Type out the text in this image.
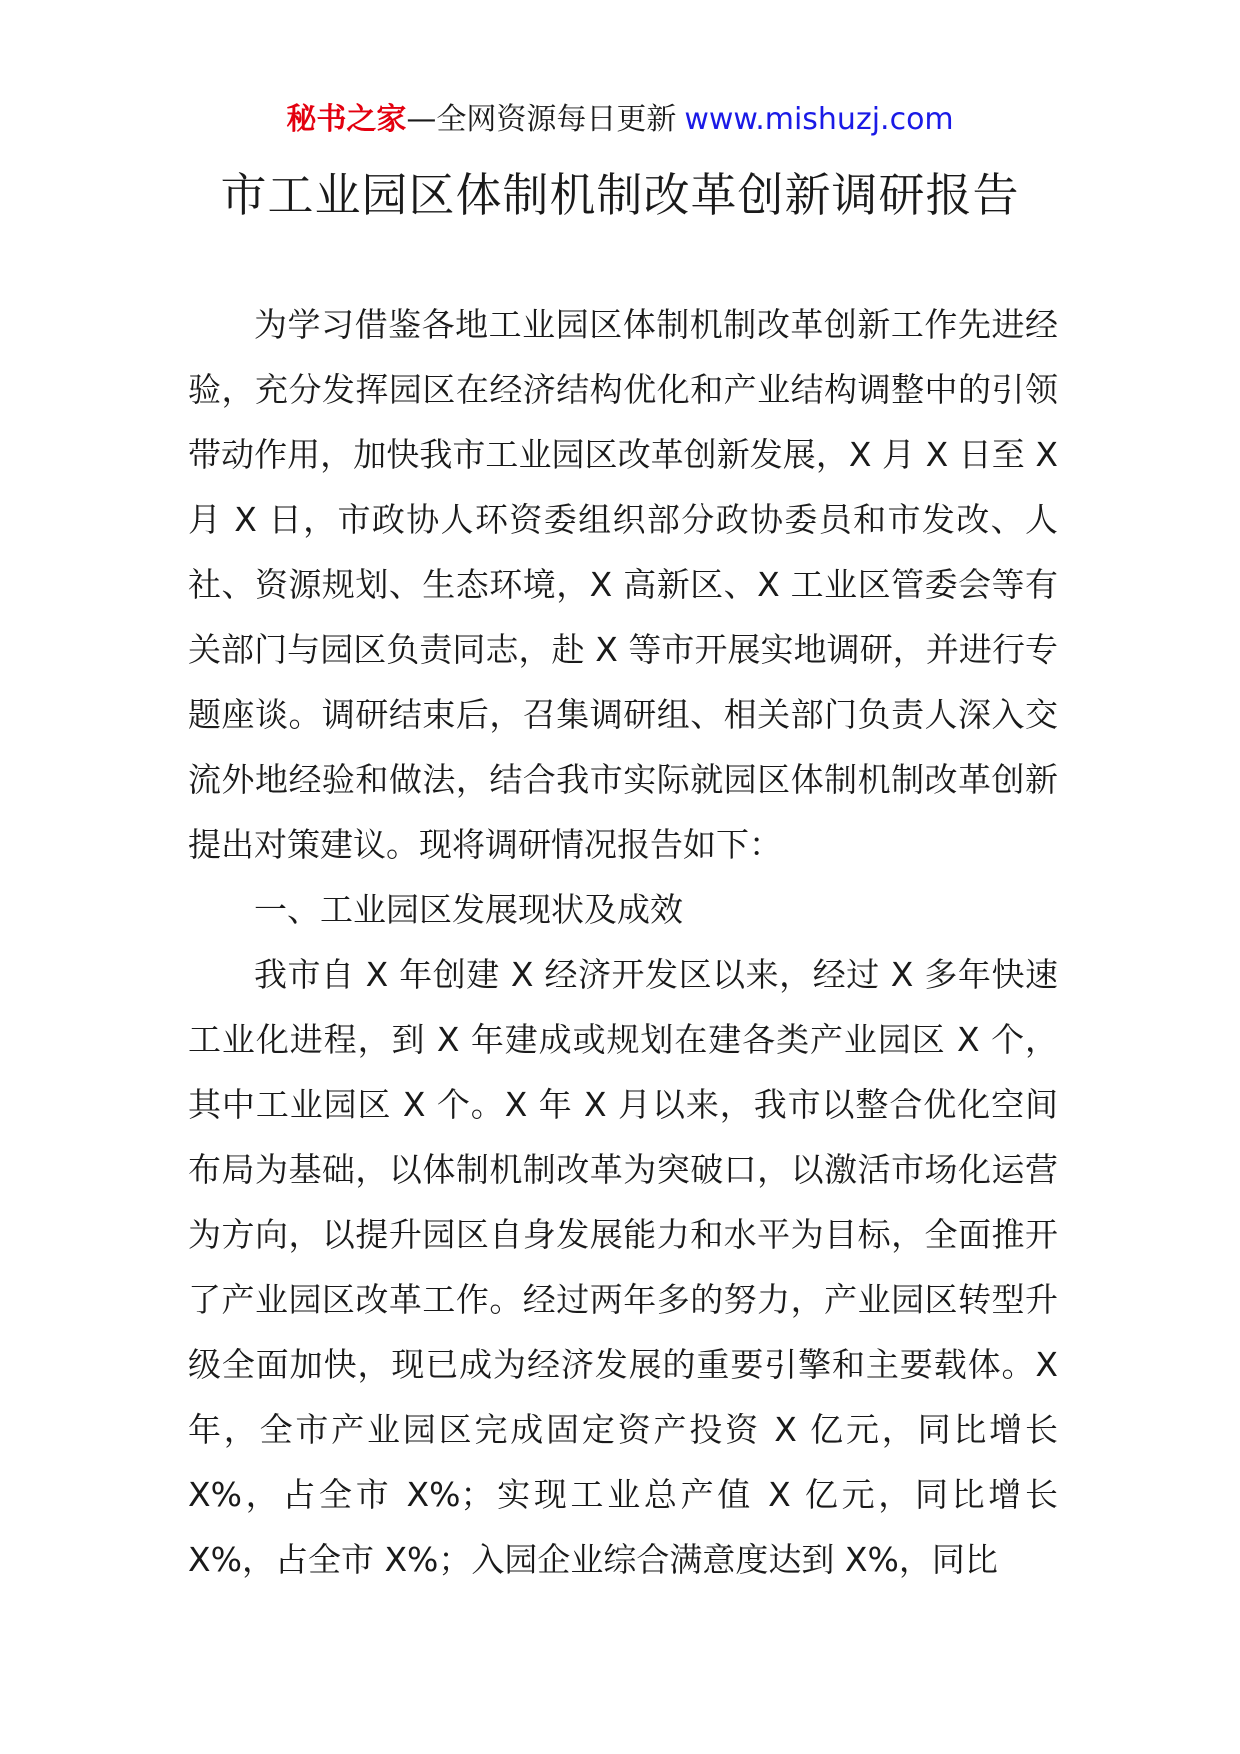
秘书之家—全网资源每日更新 www.mishuzj.com
市工业园区体制机制改革创新调研报告

为学习借鉴各地工业园区体制机制改革创新工作先进经验，充分发挥园区在经济结构优化和产业结构调整中的引领带动作用，加快我市工业园区改革创新发展，X 月 X 日至 X 月 X 日，市政协人环资委组织部分政协委员和市发改、人社、资源规划、生态环境，X 高新区、X 工业区管委会等有关部门与园区负责同志，赴 X 等市开展实地调研，并进行专题座谈。调研结束后，召集调研组、相关部门负责人深入交流外地经验和做法，结合我市实际就园区体制机制改革创新提出对策建议。现将调研情况报告如下：

一、工业园区发展现状及成效

我市自 X 年创建 X 经济开发区以来，经过 X 多年快速工业化进程，到 X 年建成或规划在建各类产业园区 X 个，其中工业园区 X 个。X 年 X 月以来，我市以整合优化空间布局为基础，以体制机制改革为突破口，以激活市场化运营为方向，以提升园区自身发展能力和水平为目标，全面推开了产业园区改革工作。经过两年多的努力，产业园区转型升级全面加快，现已成为经济发展的重要引擎和主要载体。X 年，全市产业园区完成固定资产投资 X 亿元，同比增长 X%，占全市 X%；实现工业总产值 X 亿元，同比增长 X%，占全市 X%；入园企业综合满意度达到 X%，同比
